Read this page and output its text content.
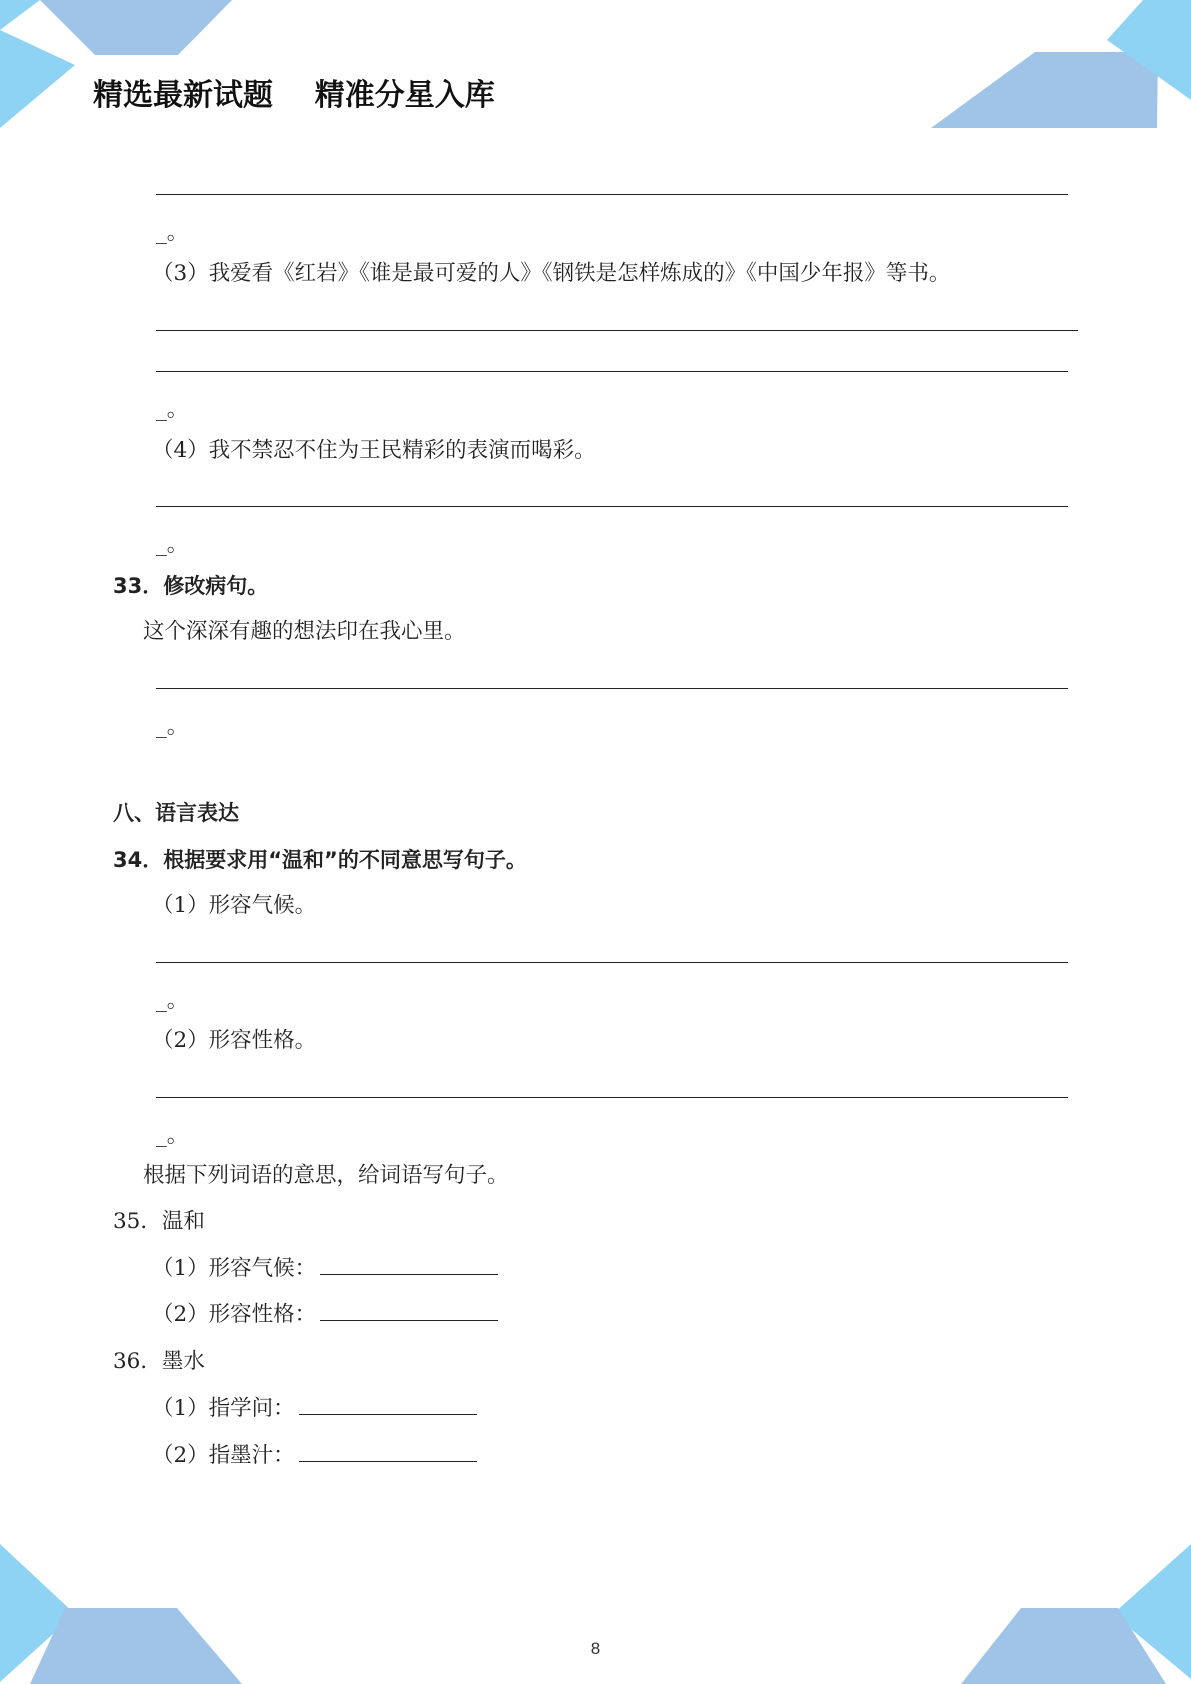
精选最新试题    精准分星入库
_。
（3）我爱看《红岩》《谁是最可爱的人》《钢铁是怎样炼成的》《中国少年报》等书。
_。
（4）我不禁忍不住为王民精彩的表演而喝彩。
_。
33．修改病句。
这个深深有趣的想法印在我心里。
_。
八、语言表达
34．根据要求用“温和”的不同意思写句子。
（1）形容气候。
_。
（2）形容性格。
_。
根据下列词语的意思，给词语写句子。
35．温和
（1）形容气候：
（2）形容性格：
36．墨水
（1）指学问：
（2）指墨汁：
8
